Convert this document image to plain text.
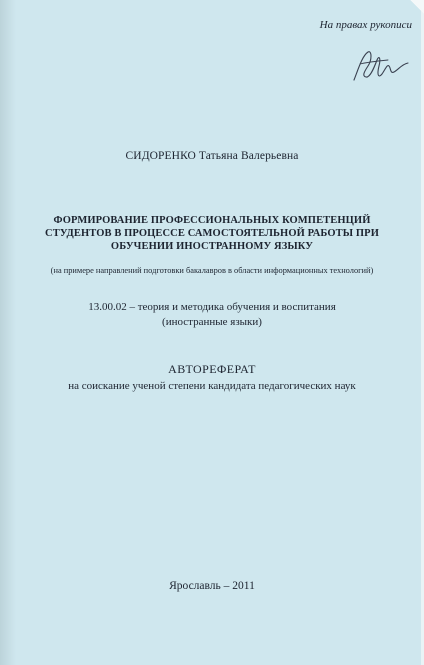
На правах рукописи
СИДОРЕНКО Татьяна Валерьевна
ФОРМИРОВАНИЕ ПРОФЕССИОНАЛЬНЫХ КОМПЕТЕНЦИЙ
СТУДЕНТОВ В ПРОЦЕССЕ САМОСТОЯТЕЛЬНОЙ РАБОТЫ ПРИ
ОБУЧЕНИИ ИНОСТРАННОМУ ЯЗЫКУ
(на примере направлений подготовки бакалавров в области информационных технологий)
13.00.02 – теория и методика обучения и воспитания
(иностранные языки)
АВТОРЕФЕРАТ
на соискание ученой степени кандидата педагогических наук
Ярославль – 2011
